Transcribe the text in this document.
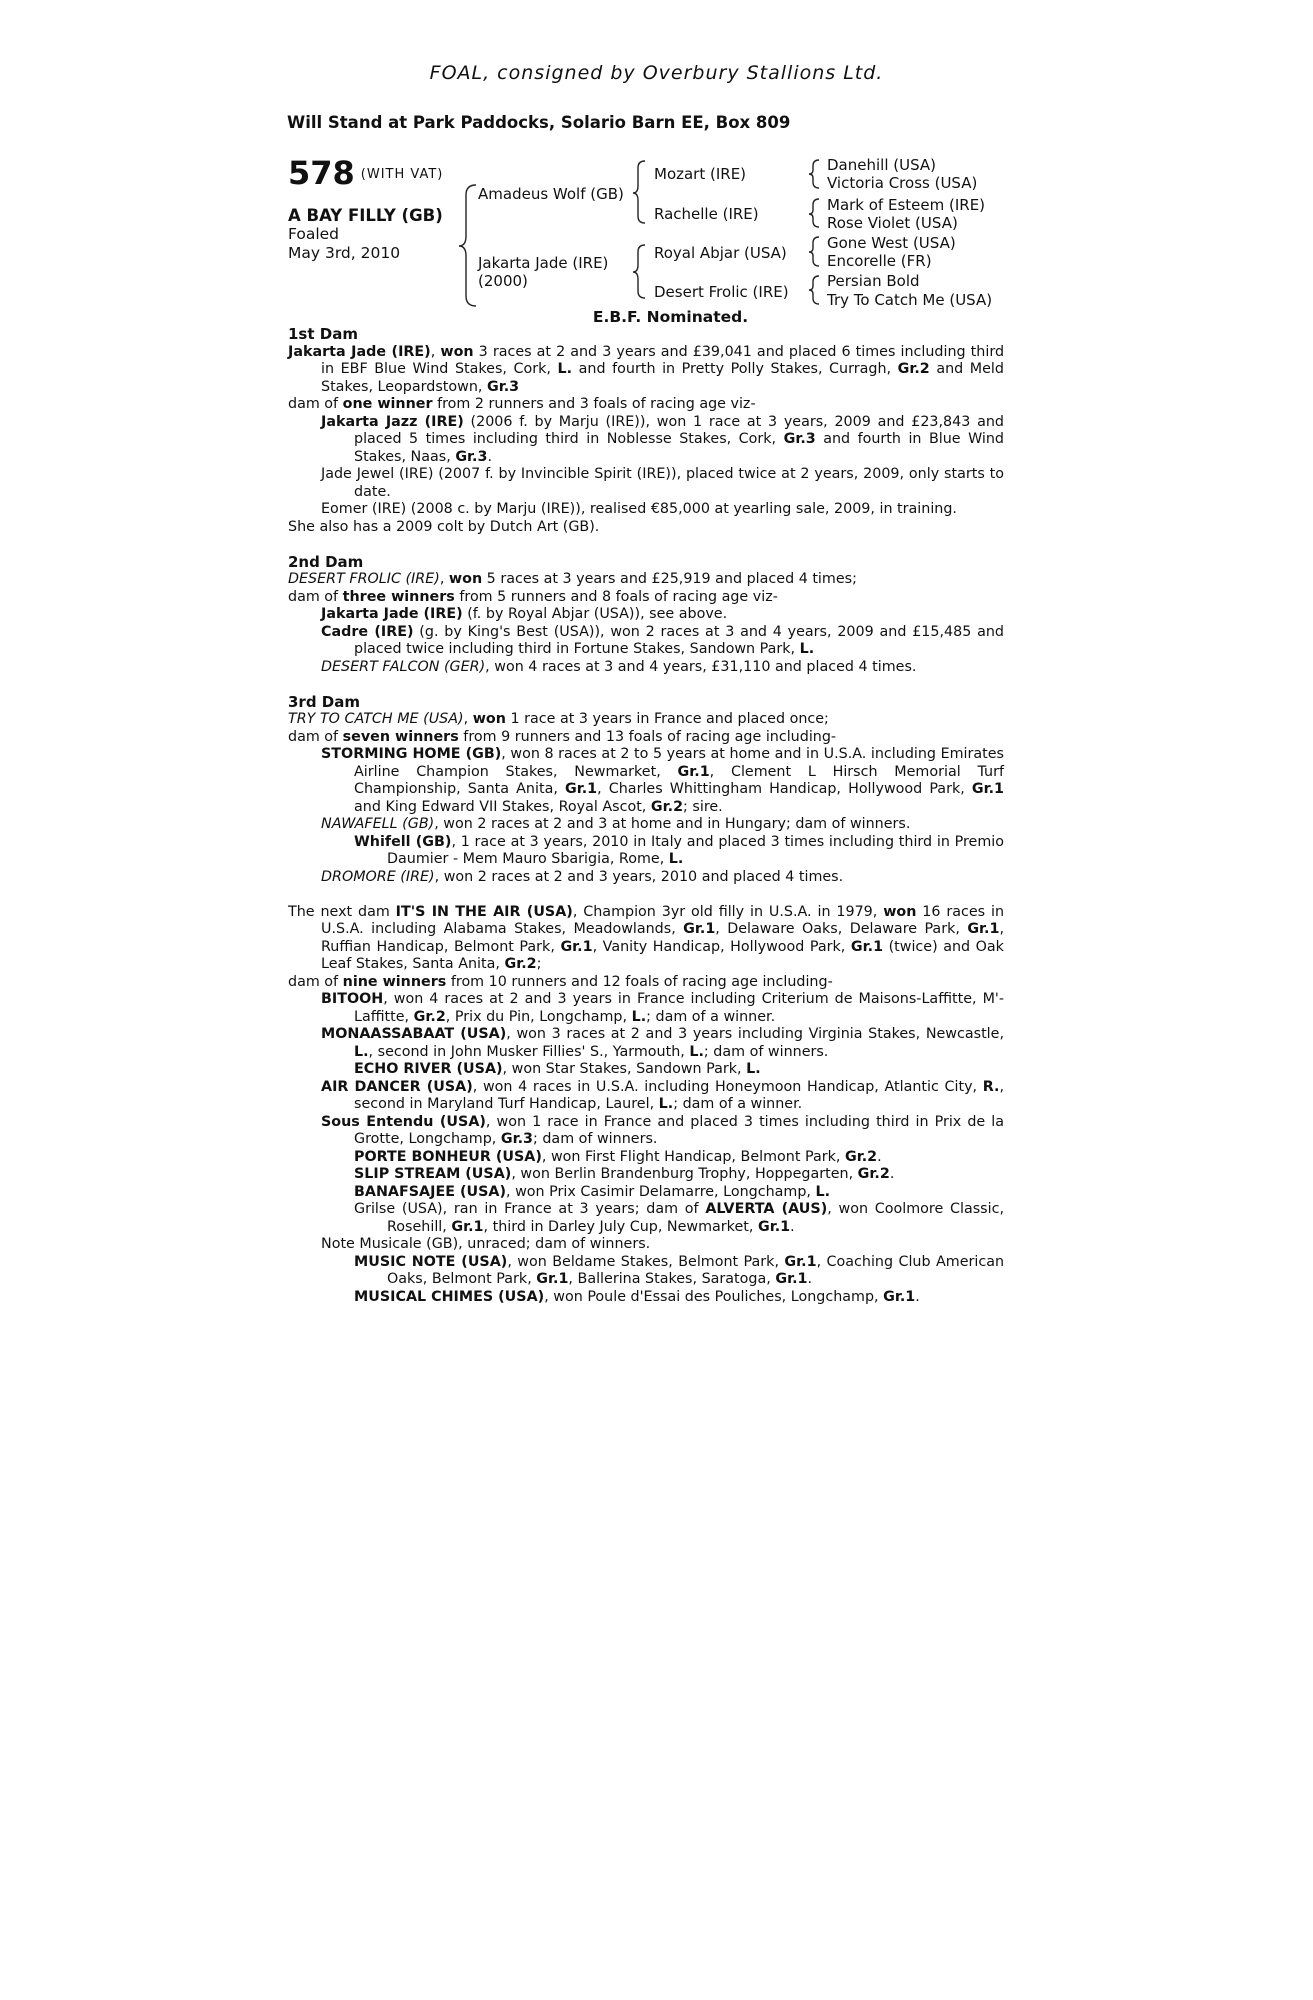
FOAL, consigned by Overbury Stallions Ltd.
Will Stand at Park Paddocks, Solario Barn EE, Box 809
578 $^{(WITH VAT)}$
A BAY FILLY (GB)
Foaled
May 3rd, 2010
Amadeus Wolf (GB)
Jakarta Jade (IRE)
(2000)
Mozart (IRE)
Rachelle (IRE)
Royal Abjar (USA)
Desert Frolic (IRE)
Danehill (USA)
Victoria Cross (USA)
Mark of Esteem (IRE)
Rose Violet (USA)
Gone West (USA)
Encorelle (FR)
Persian Bold
Try To Catch Me (USA)
E.B.F. Nominated.

1st Dam

Jakarta Jade (IRE), won 3 races at 2 and 3 years and £39,041 and placed 6 times including third in EBF Blue Wind Stakes, Cork, L. and fourth in Pretty Polly Stakes, Curragh, Gr.2 and Meld Stakes, Leopardstown, Gr.3

dam of one winner from 2 runners and 3 foals of racing age viz-

Jakarta Jazz (IRE) (2006 f. by Marju (IRE)), won 1 race at 3 years, 2009 and £23,843 and placed 5 times including third in Noblesse Stakes, Cork, Gr.3 and fourth in Blue Wind Stakes, Naas, Gr.3.

Jade Jewel (IRE) (2007 f. by Invincible Spirit (IRE)), placed twice at 2 years, 2009, only starts to date.

Eomer (IRE) (2008 c. by Marju (IRE)), realised €85,000 at yearling sale, 2009, in training.

She also has a 2009 colt by Dutch Art (GB).

2nd Dam

DESERT FROLIC (IRE), won 5 races at 3 years and £25,919 and placed 4 times;

dam of three winners from 5 runners and 8 foals of racing age viz-

Jakarta Jade (IRE) (f. by Royal Abjar (USA)), see above.

Cadre (IRE) (g. by King's Best (USA)), won 2 races at 3 and 4 years, 2009 and £15,485 and placed twice including third in Fortune Stakes, Sandown Park, L.

DESERT FALCON (GER), won 4 races at 3 and 4 years, £31,110 and placed 4 times.

3rd Dam

TRY TO CATCH ME (USA), won 1 race at 3 years in France and placed once;

dam of seven winners from 9 runners and 13 foals of racing age including-

STORMING HOME (GB), won 8 races at 2 to 5 years at home and in U.S.A. including Emirates Airline Champion Stakes, Newmarket, Gr.1, Clement L Hirsch Memorial Turf Championship, Santa Anita, Gr.1, Charles Whittingham Handicap, Hollywood Park, Gr.1 and King Edward VII Stakes, Royal Ascot, Gr.2; sire.

NAWAFELL (GB), won 2 races at 2 and 3 at home and in Hungary; dam of winners.

Whifell (GB), 1 race at 3 years, 2010 in Italy and placed 3 times including third in Premio Daumier - Mem Mauro Sbarigia, Rome, L.

DROMORE (IRE), won 2 races at 2 and 3 years, 2010 and placed 4 times.

The next dam IT'S IN THE AIR (USA), Champion 3yr old filly in U.S.A. in 1979, won 16 races in U.S.A. including Alabama Stakes, Meadowlands, Gr.1, Delaware Oaks, Delaware Park, Gr.1, Ruffian Handicap, Belmont Park, Gr.1, Vanity Handicap, Hollywood Park, Gr.1 (twice) and Oak Leaf Stakes, Santa Anita, Gr.2;

dam of nine winners from 10 runners and 12 foals of racing age including-

BITOOH, won 4 races at 2 and 3 years in France including Criterium de Maisons-Laffitte, M'-Laffitte, Gr.2, Prix du Pin, Longchamp, L.; dam of a winner.

MONAASSABAAT (USA), won 3 races at 2 and 3 years including Virginia Stakes, Newcastle, L., second in John Musker Fillies' S., Yarmouth, L.; dam of winners.

ECHO RIVER (USA), won Star Stakes, Sandown Park, L.

AIR DANCER (USA), won 4 races in U.S.A. including Honeymoon Handicap, Atlantic City, R., second in Maryland Turf Handicap, Laurel, L.; dam of a winner.

Sous Entendu (USA), won 1 race in France and placed 3 times including third in Prix de la Grotte, Longchamp, Gr.3; dam of winners.

PORTE BONHEUR (USA), won First Flight Handicap, Belmont Park, Gr.2.

SLIP STREAM (USA), won Berlin Brandenburg Trophy, Hoppegarten, Gr.2.

BANAFSAJEE (USA), won Prix Casimir Delamarre, Longchamp, L.

Grilse (USA), ran in France at 3 years; dam of ALVERTA (AUS), won Coolmore Classic, Rosehill, Gr.1, third in Darley July Cup, Newmarket, Gr.1.

Note Musicale (GB), unraced; dam of winners.

MUSIC NOTE (USA), won Beldame Stakes, Belmont Park, Gr.1, Coaching Club American Oaks, Belmont Park, Gr.1, Ballerina Stakes, Saratoga, Gr.1.

MUSICAL CHIMES (USA), won Poule d'Essai des Pouliches, Longchamp, Gr.1.
